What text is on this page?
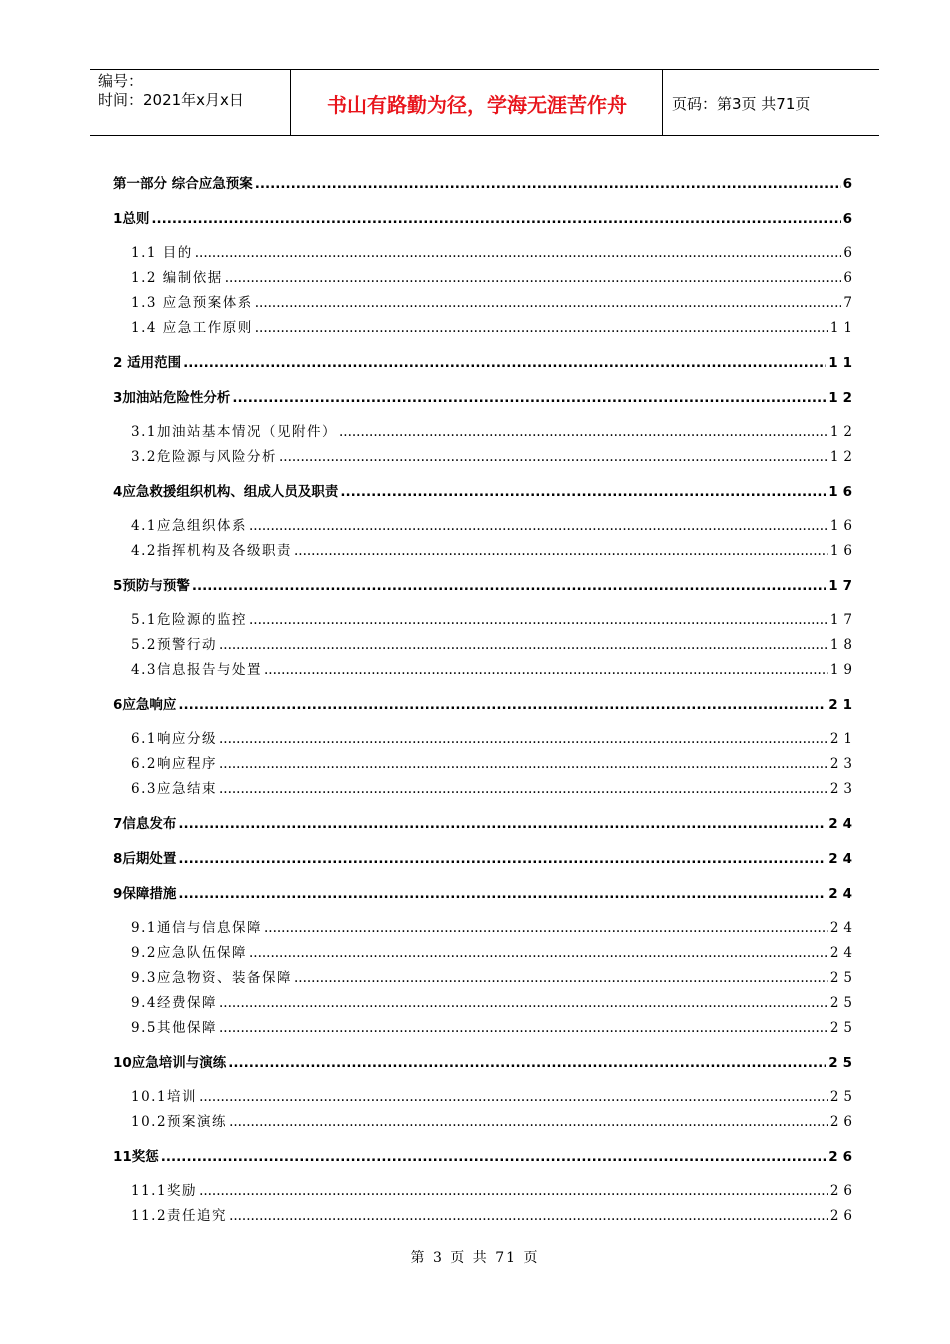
编号：
时间：2021年x月x日	书山有路勤为径，学海无涯苦作舟	页码：第3页 共71页
第一部分 综合应急预案 .....	6
1总则 .....	6
1.1 目的 .....	6
1.2 编制依据 .....	6
1.3 应急预案体系 .....	7
1.4 应急工作原则 .....	11
2 适用范围 .....	11
3加油站危险性分析 .....	12
3.1加油站基本情况（见附件） .....	12
3.2危险源与风险分析 .....	12
4应急救援组织机构、组成人员及职责 .....	16
4.1应急组织体系 .....	16
4.2指挥机构及各级职责 .....	16
5预防与预警 .....	17
5.1危险源的监控 .....	17
5.2预警行动 .....	18
4.3信息报告与处置 .....	19
6应急响应 .....	21
6.1响应分级 .....	21
6.2响应程序 .....	23
6.3应急结束 .....	23
7信息发布 .....	24
8后期处置 .....	24
9保障措施 .....	24
9.1通信与信息保障 .....	24
9.2应急队伍保障 .....	24
9.3应急物资、装备保障 .....	25
9.4经费保障 .....	25
9.5其他保障 .....	25
10应急培训与演练 .....	25
10.1培训 .....	25
10.2预案演练 .....	26
11奖惩 .....	26
11.1奖励 .....	26
11.2责任追究 .....	26
第 3 页 共 71 页
